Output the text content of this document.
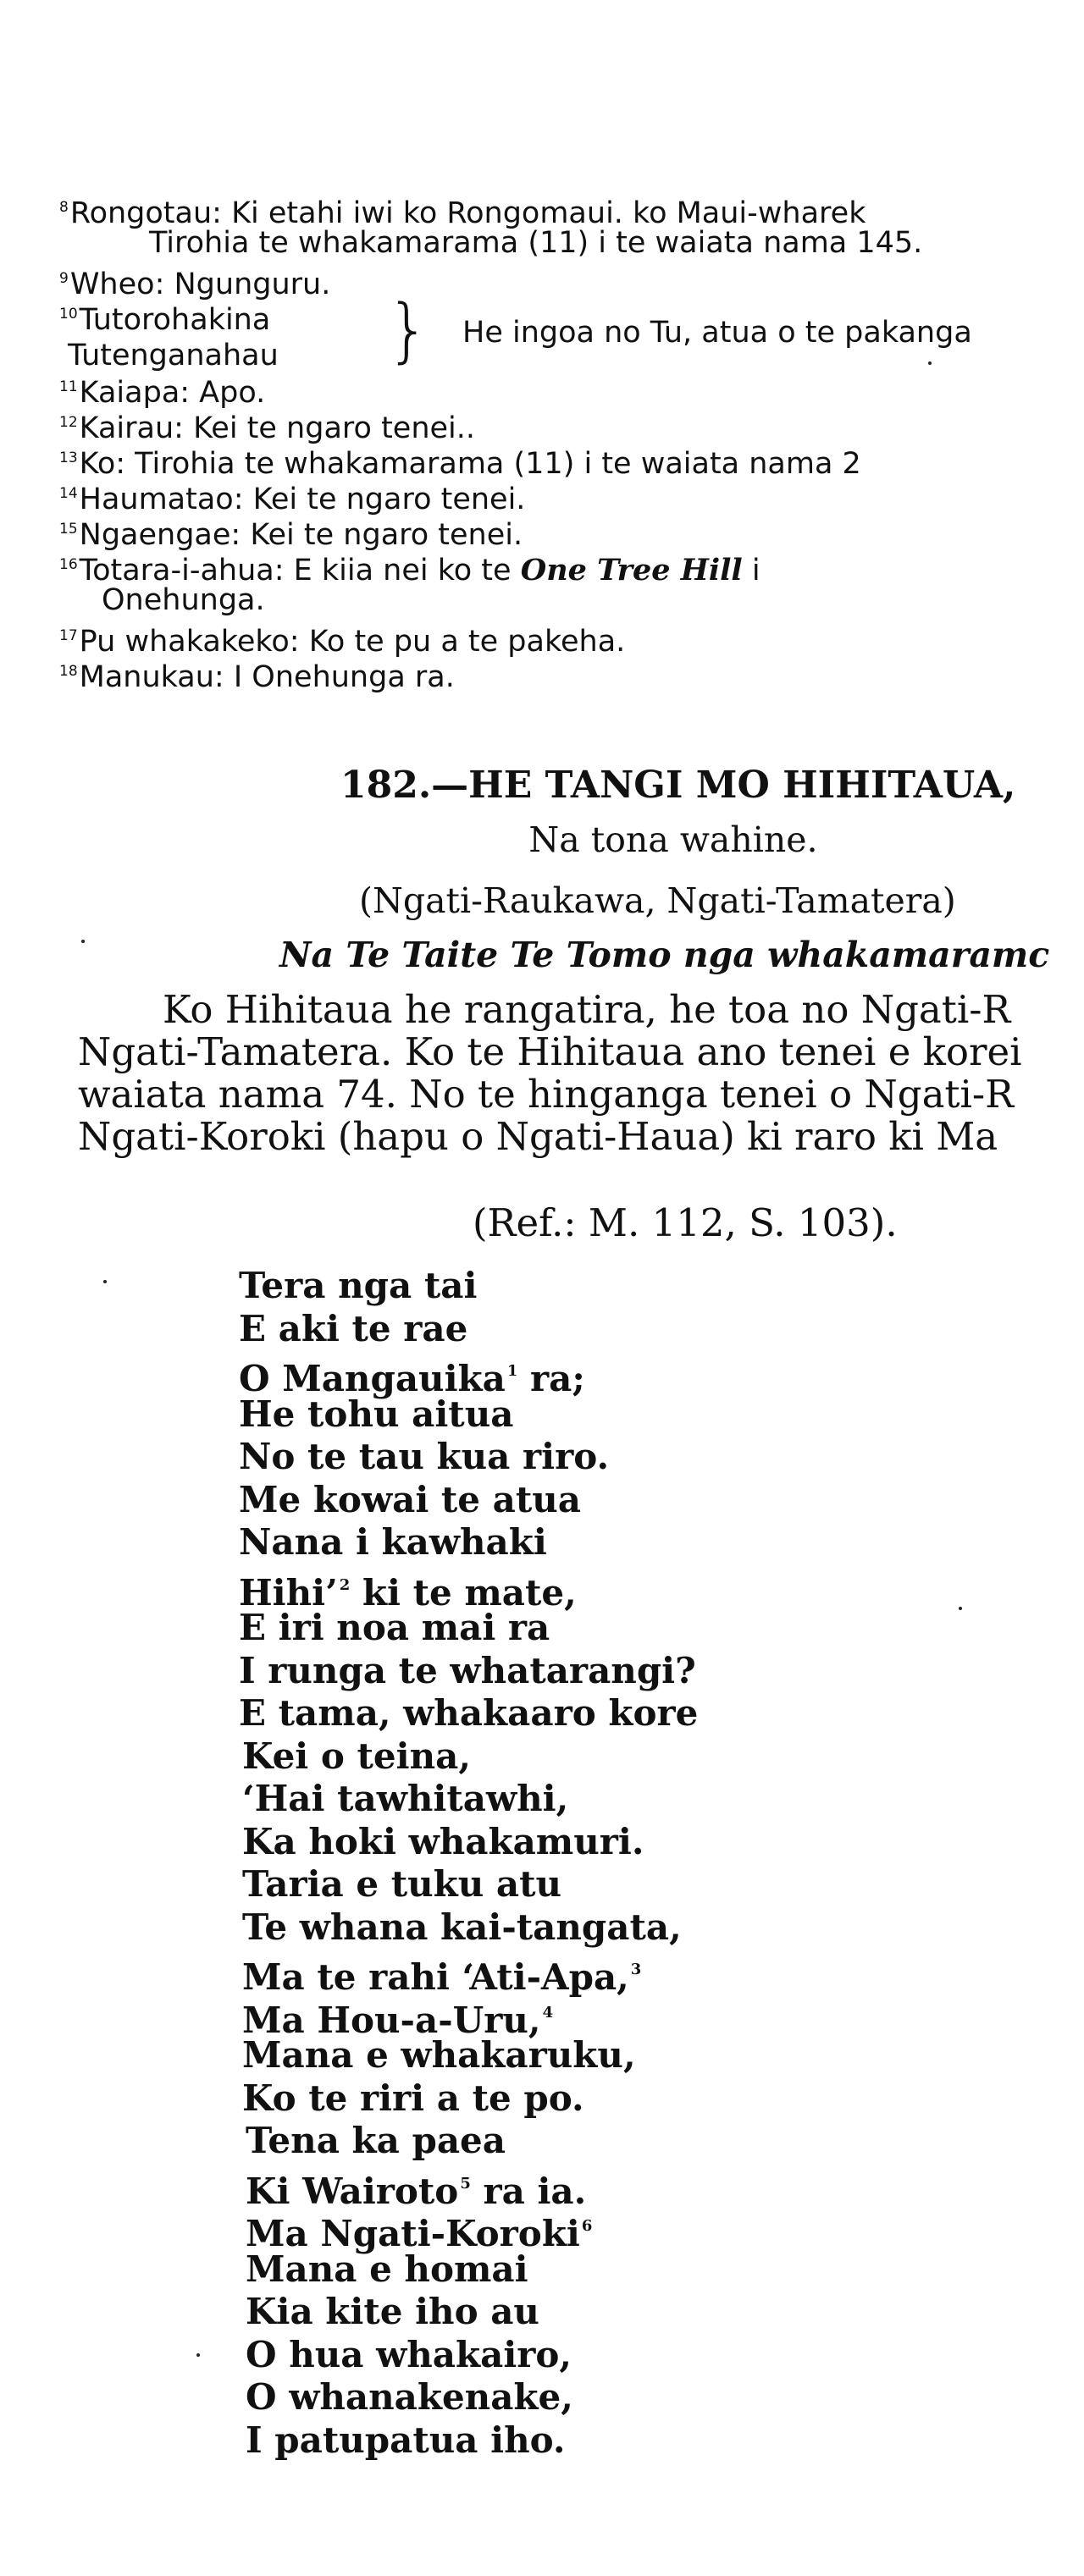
$^8$Rongotau: Ki etahi iwi ko Rongomaui. ko Maui-wharek
Tirohia te whakamarama (11) i te waiata nama 145.
$^9$Wheo: Ngunguru.
$^{10}$Tutorohakina
Tutenganahau } He ingoa no Tu, atua o te pakanga
$^{11}$Kaiapa: Apo.
$^{12}$Kairau: Kei te ngaro tenei..
$^{13}$Ko: Tirohia te whakamarama (11) i te waiata nama 2
$^{14}$Haumatao: Kei te ngaro tenei.
$^{15}$Ngaengae: Kei te ngaro tenei.
$^{16}$Totara-i-ahua: E kiia nei ko te One Tree Hill i
Onehunga.
$^{17}$Pu whakakeko: Ko te pu a te pakeha.
$^{18}$Manukau: I Onehunga ra.
182.—HE TANGI MO HIHITAUA,
Na tona wahine.
(Ngati-Raukawa, Ngati-Tamatera)
Na Te Taite Te Tomo nga whakamaramc
Ko Hihitaua he rangatira, he toa no Ngati-R
Ngati-Tamatera. Ko te Hihitaua ano tenei e korei
waiata nama 74. No te hinganga tenei o Ngati-R
Ngati-Koroki (hapu o Ngati-Haua) ki raro ki Ma
(Ref.: M. 112, S. 103).
Tera nga tai
E aki te rae
O Mangauika $^1$ ra;
He tohu aitua
No te tau kua riro.
Me kowai te atua
Nana i kawhaki
Hihi’ $^2$ ki te mate,
E iri noa mai ra
I runga te whatarangi?
E tama, whakaaro kore
Kei o teina,
‘Hai tawhitawhi,
Ka hoki whakamuri.
Taria e tuku atu
Te whana kai-tangata,
Ma te rahi ‘Ati-Apa, $^3$
Ma Hou-a-Uru, $^4$
Mana e whakaruku,
Ko te riri a te po.
Tena ka paea
Ki Wairoto $^5$ ra ia.
Ma Ngati-Koroki $^6$
Mana e homai
Kia kite iho au
O hua whakairo,
O whanakenake,
I patupatua iho.
